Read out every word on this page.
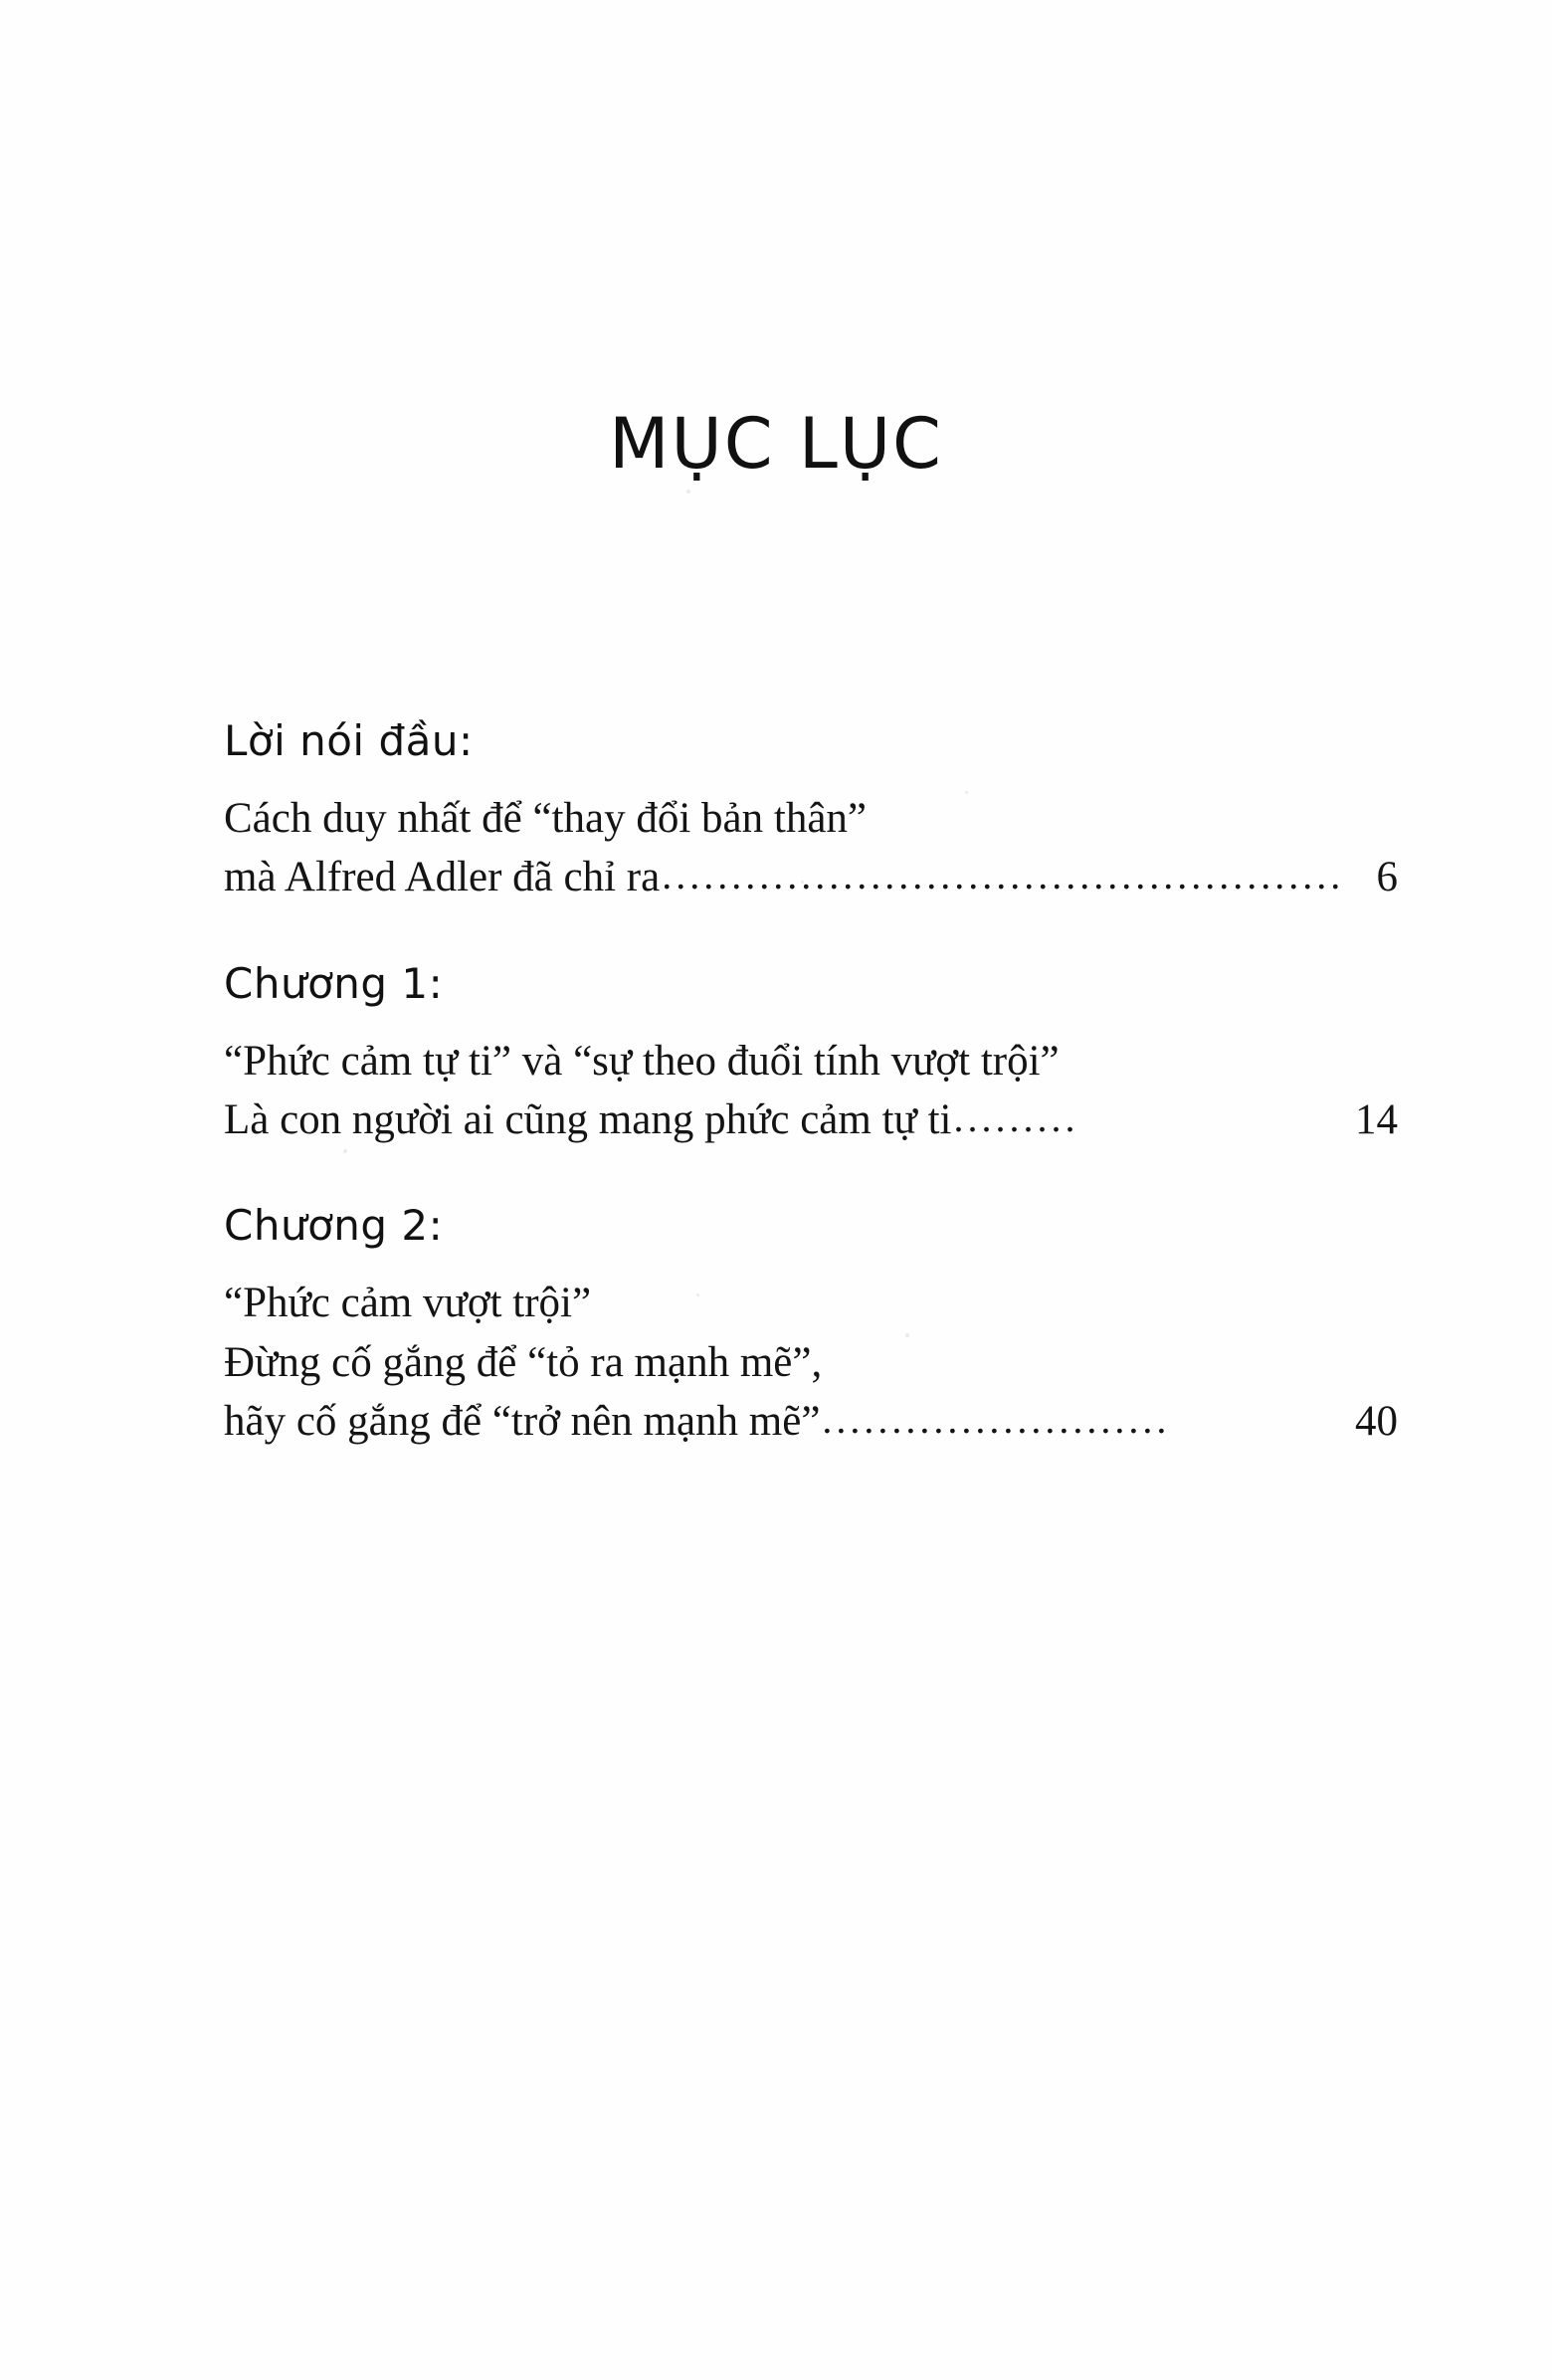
MỤC LỤC
Lời nói đầu:
Cách duy nhất để “thay đổi bản thân”
mà Alfred Adler đã chỉ ra ................................................. 6
Chương 1:
“Phức cảm tự ti” và “sự theo đuổi tính vượt trội”
Là con người ai cũng mang phức cảm tự ti .........	14
Chương 2:
“Phức cảm vượt trội”
Đừng cố gắng để “tỏ ra mạnh mẽ”,
hãy cố gắng để “trở nên mạnh mẽ” .........................	40
